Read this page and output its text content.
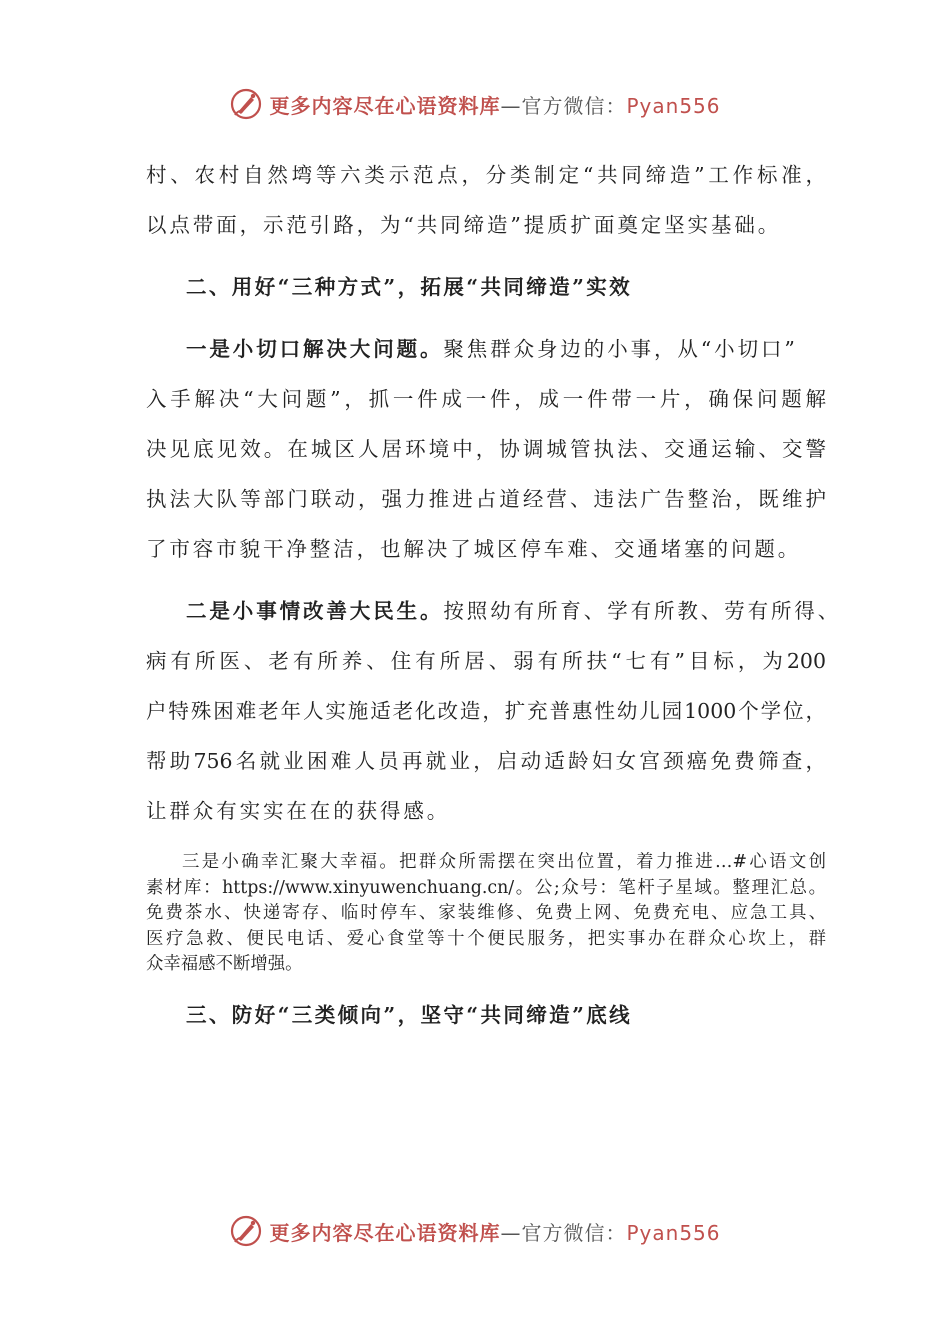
更多内容尽在心语资料库—官方微信：Pyan556
村、农村自然塆等六类示范点，分类制定“共同缔造”工作标准，
以点带面，示范引路，为“共同缔造”提质扩面奠定坚实基础。
二、用好“三种方式”，拓展“共同缔造”实效
一是小切口解决大问题。聚焦群众身边的小事，从“小切口”
入手解决“大问题”，抓一件成一件，成一件带一片，确保问题解
决见底见效。在城区人居环境中，协调城管执法、交通运输、交警
执法大队等部门联动，强力推进占道经营、违法广告整治，既维护
了市容市貌干净整洁，也解决了城区停车难、交通堵塞的问题。
二是小事情改善大民生。按照幼有所育、学有所教、劳有所得、
病有所医、老有所养、住有所居、弱有所扶“七有”目标，为200
户特殊困难老年人实施适老化改造，扩充普惠性幼儿园1000个学位，
帮助756名就业困难人员再就业，启动适龄妇女宫颈癌免费筛查，
让群众有实实在在的获得感。
三是小确幸汇聚大幸福。把群众所需摆在突出位置，着力推进…#心语文创
素材库：https://www.xinyuwenchuang.cn/。公;众号：笔杆子星域。整理汇总。
免费茶水、快递寄存、临时停车、家装维修、免费上网、免费充电、应急工具、
医疗急救、便民电话、爱心食堂等十个便民服务，把实事办在群众心坎上，群
众幸福感不断增强。
三、防好“三类倾向”，坚守“共同缔造”底线
更多内容尽在心语资料库—官方微信：Pyan556
